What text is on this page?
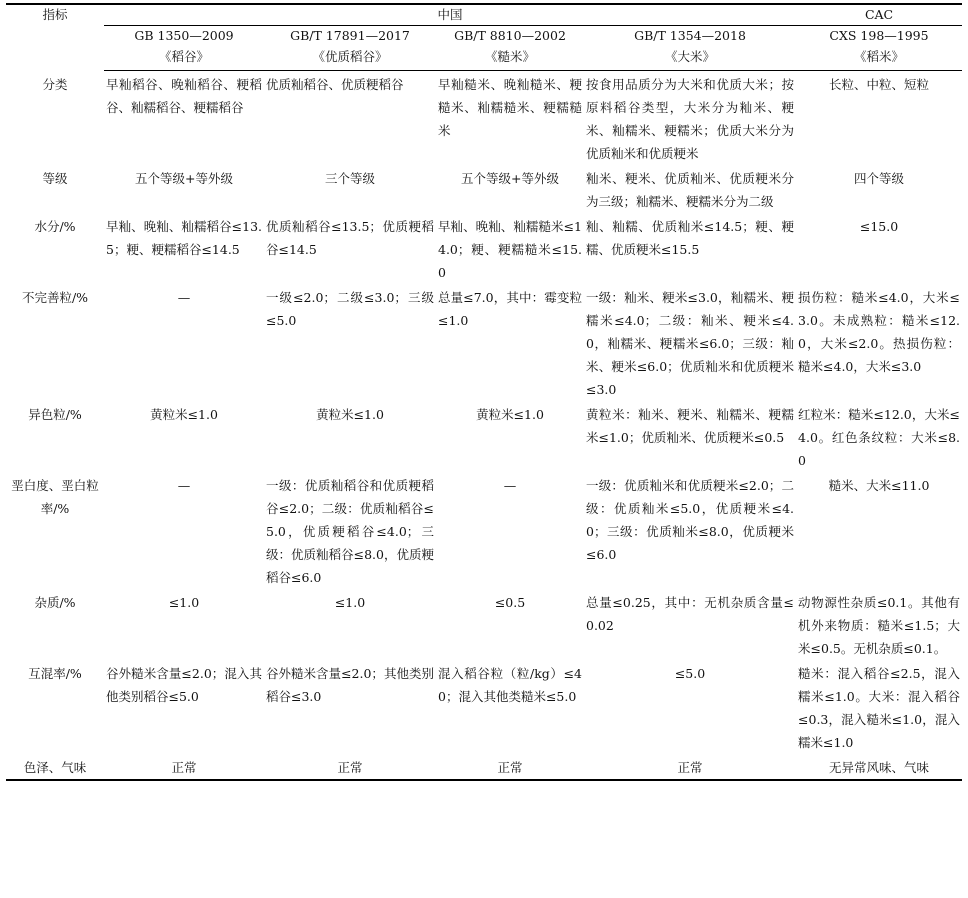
指标	中国				CAC
	GB 1350—2009	GB/T 17891—2017	GB/T 8810—2002	GB/T 1354—2018	CXS 198—1995
	《稻谷》	《优质稻谷》	《糙米》	《大米》	《稻米》
分类	早籼稻谷、晚籼稻谷、粳稻谷、籼糯稻谷、粳糯稻谷	优质籼稻谷、优质粳稻谷	早籼糙米、晚籼糙米、粳糙米、籼糯糙米、粳糯糙米	按食用品质分为大米和优质大米；按原料稻谷类型，大米分为籼米、粳米、籼糯米、粳糯米；优质大米分为优质籼米和优质粳米	长粒、中粒、短粒
等级	五个等级+等外级	三个等级	五个等级+等外级	籼米、粳米、优质籼米、优质粳米分为三级；籼糯米、粳糯米分为二级	四个等级
水分/%	早籼、晚籼、籼糯稻谷≤13.5；粳、粳糯稻谷≤14.5	优质籼稻谷≤13.5；优质粳稻谷≤14.5	早籼、晚籼、籼糯糙米≤14.0；粳、粳糯糙米≤15.0	籼、籼糯、优质籼米≤14.5；粳、粳糯、优质粳米≤15.5	≤15.0
不完善粒/%	—	一级≤2.0；二级≤3.0；三级≤5.0	总量≤7.0，其中：霉变粒≤1.0	一级：籼米、粳米≤3.0，籼糯米、粳糯米≤4.0；二级：籼米、粳米≤4.0，籼糯米、粳糯米≤6.0；三级：籼米、粳米≤6.0；优质籼米和优质粳米≤3.0	损伤粒：糙米≤4.0，大米≤3.0。未成熟粒：糙米≤12.0，大米≤2.0。热损伤粒：糙米≤4.0，大米≤3.0
异色粒/%	黄粒米≤1.0	黄粒米≤1.0	黄粒米≤1.0	黄粒米：籼米、粳米、籼糯米、粳糯米≤1.0；优质籼米、优质粳米≤0.5	红粒米：糙米≤12.0，大米≤4.0。红色条纹粒：大米≤8.0
垩白度、垩白粒率/%	—	一级：优质籼稻谷和优质粳稻谷≤2.0；二级：优质籼稻谷≤5.0，优质粳稻谷≤4.0；三级：优质籼稻谷≤8.0，优质粳稻谷≤6.0	—	一级：优质籼米和优质粳米≤2.0；二级：优质籼米≤5.0，优质粳米≤4.0；三级：优质籼米≤8.0，优质粳米≤6.0	糙米、大米≤11.0
杂质/%	≤1.0	≤1.0	≤0.5	总量≤0.25，其中：无机杂质含量≤0.02	动物源性杂质≤0.1。其他有机外来物质：糙米≤1.5；大米≤0.5。无机杂质≤0.1。
互混率/%	谷外糙米含量≤2.0；混入其他类别稻谷≤5.0	谷外糙米含量≤2.0；其他类别稻谷≤3.0	混入稻谷粒（粒/kg）≤40；混入其他类糙米≤5.0	≤5.0	糙米：混入稻谷≤2.5，混入糯米≤1.0。大米：混入稻谷≤0.3，混入糙米≤1.0，混入糯米≤1.0
色泽、气味	正常	正常	正常	正常	无异常风味、气味
